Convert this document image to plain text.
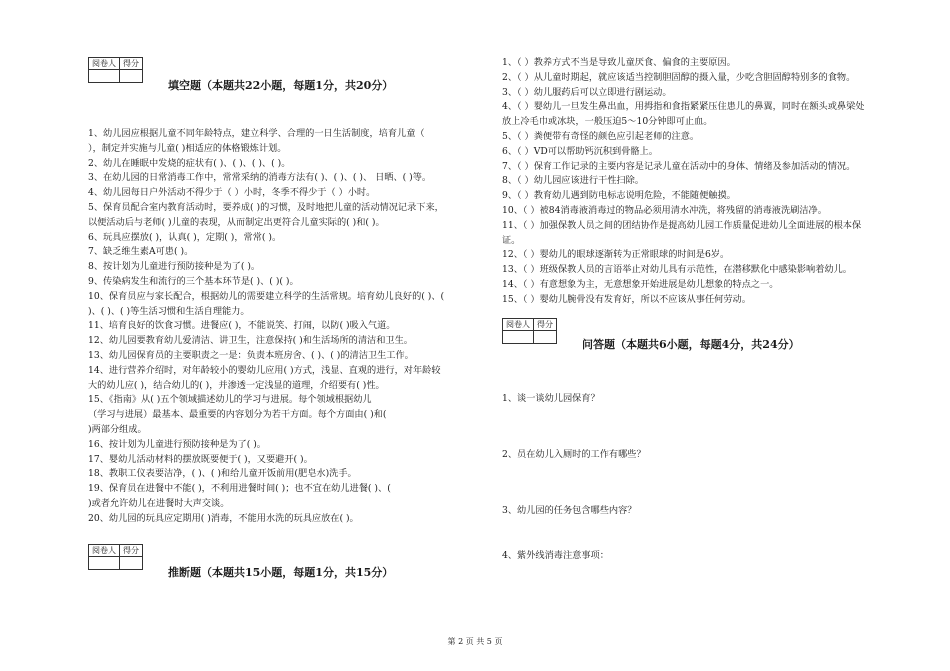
阅卷人	得分

填空题（本题共22小题，每题1分，共20分）
1、幼儿园应根据儿童不同年龄特点，建立科学、合理的一日生活制度，培育儿童（
），制定并实施与儿童( )相适应的体格锻炼计划。
2、幼儿在睡眠中发烧的症状有( )、( )、( )、( )。
3、在幼儿园的日常消毒工作中，常常采纳的消毒方法有( )、( )、( )、 日晒、( )等。
4、幼儿园每日户外活动不得少于（ ）小时，冬季不得少于（ ）小时。
5、保育员配合室内教育活动时，要养成( )的习惯，及时地把儿童的活动情况记录下来，
以便活动后与老师( )儿童的表现，从而制定出更符合儿童实际的( )和( )。
6、玩具应摆放( )，认真( )，定期( )，常常( )。
7、缺乏维生素A可患( )。
8、按计划为儿童进行预防接种是为了( )。
9、传染病发生和流行的三个基本环节是( )、( )( )。
10、保育员应与家长配合，根据幼儿的需要建立科学的生活常规。培育幼儿良好的( )、(
)、( )、( )等生活习惯和生活自理能力。
11、培育良好的饮食习惯。进餐应( )，不能说笑、打闹，以防( )吸入气道。
12、幼儿园要教育幼儿爱清洁、讲卫生，注意保持( )和生活场所的清洁和卫生。
13、幼儿园保育员的主要职责之一是：负责本班房舍、( )、( )的清洁卫生工作。
14、进行营养介绍时，对年龄较小的婴幼儿应用( )方式，浅显、直观的进行，对年龄较
大的幼儿应( )，结合幼儿的( )，并渗透一定浅显的道理，介绍要有( )性。
15、《指南》从( )五个领域描述幼儿的学习与进展。每个领域根据幼儿
（学习与进展）最基本、最重要的内容划分为若干方面。每个方面由( )和(
)两部分组成。
16、按计划为儿童进行预防接种是为了( )。
17、婴幼儿活动材料的摆放既要便于( )，又要避开( )。
18、教职工仪表要洁净，( )、( )和给儿童开饭前用(肥皂水)洗手。
19、保育员在进餐中不能( )，不利用进餐时间( )；也不宜在幼儿进餐( )、(
)或者允许幼儿在进餐时大声交谈。
20、幼儿园的玩具应定期用( )消毒，不能用水洗的玩具应放在( )。
阅卷人	得分

推断题（本题共15小题，每题1分，共15分）
1、（ ）教养方式不当是导致儿童厌食、偏食的主要原因。
2、（ ）从儿童时期起，就应该适当控制胆固醇的摄入量，少吃含胆固醇特别多的食物。
3、（ ）幼儿服药后可以立即进行剧运动。
4、（ ）婴幼儿一旦发生鼻出血，用拇指和食指紧紧压住患儿的鼻翼，同时在额头或鼻梁处
放上冷毛巾或冰块，一般压迫5～10分钟即可止血。
5、（ ）粪便带有奇怪的颜色应引起老师的注意。
6、（ ）VD可以帮助钙沉积到骨骼上。
7、（ ）保育工作记录的主要内容是记录儿童在活动中的身体、情绪及参加活动的情况。
8、（ ）幼儿园应该进行干性扫除。
9、（ ）教育幼儿遇到防电标志说明危险，不能随便触摸。
10、（ ）被84消毒液消毒过的物品必须用清水冲洗，将残留的消毒液洗刷洁净。
11、（ ）加强保教人员之间的团结协作是提高幼儿园工作质量促进幼儿全面进展的根本保
证。
12、（ ）婴幼儿的眼球逐渐转为正常眼球的时间是6岁。
13、（ ）班级保教人员的言语举止对幼儿具有示范性，在潜移默化中感染影响着幼儿。
14、（ ）有意想象为主，无意想象开始进展是幼儿想象的特点之一。
15、（ ）婴幼儿腕骨没有发育好，所以不应该从事任何劳动。
阅卷人	得分

问答题（本题共6小题，每题4分，共24分）
1、谈一谈幼儿园保育？
2、员在幼儿入厕时的工作有哪些？
3、幼儿园的任务包含哪些内容？
4、紫外线消毒注意事项：
第 2 页 共 5 页
